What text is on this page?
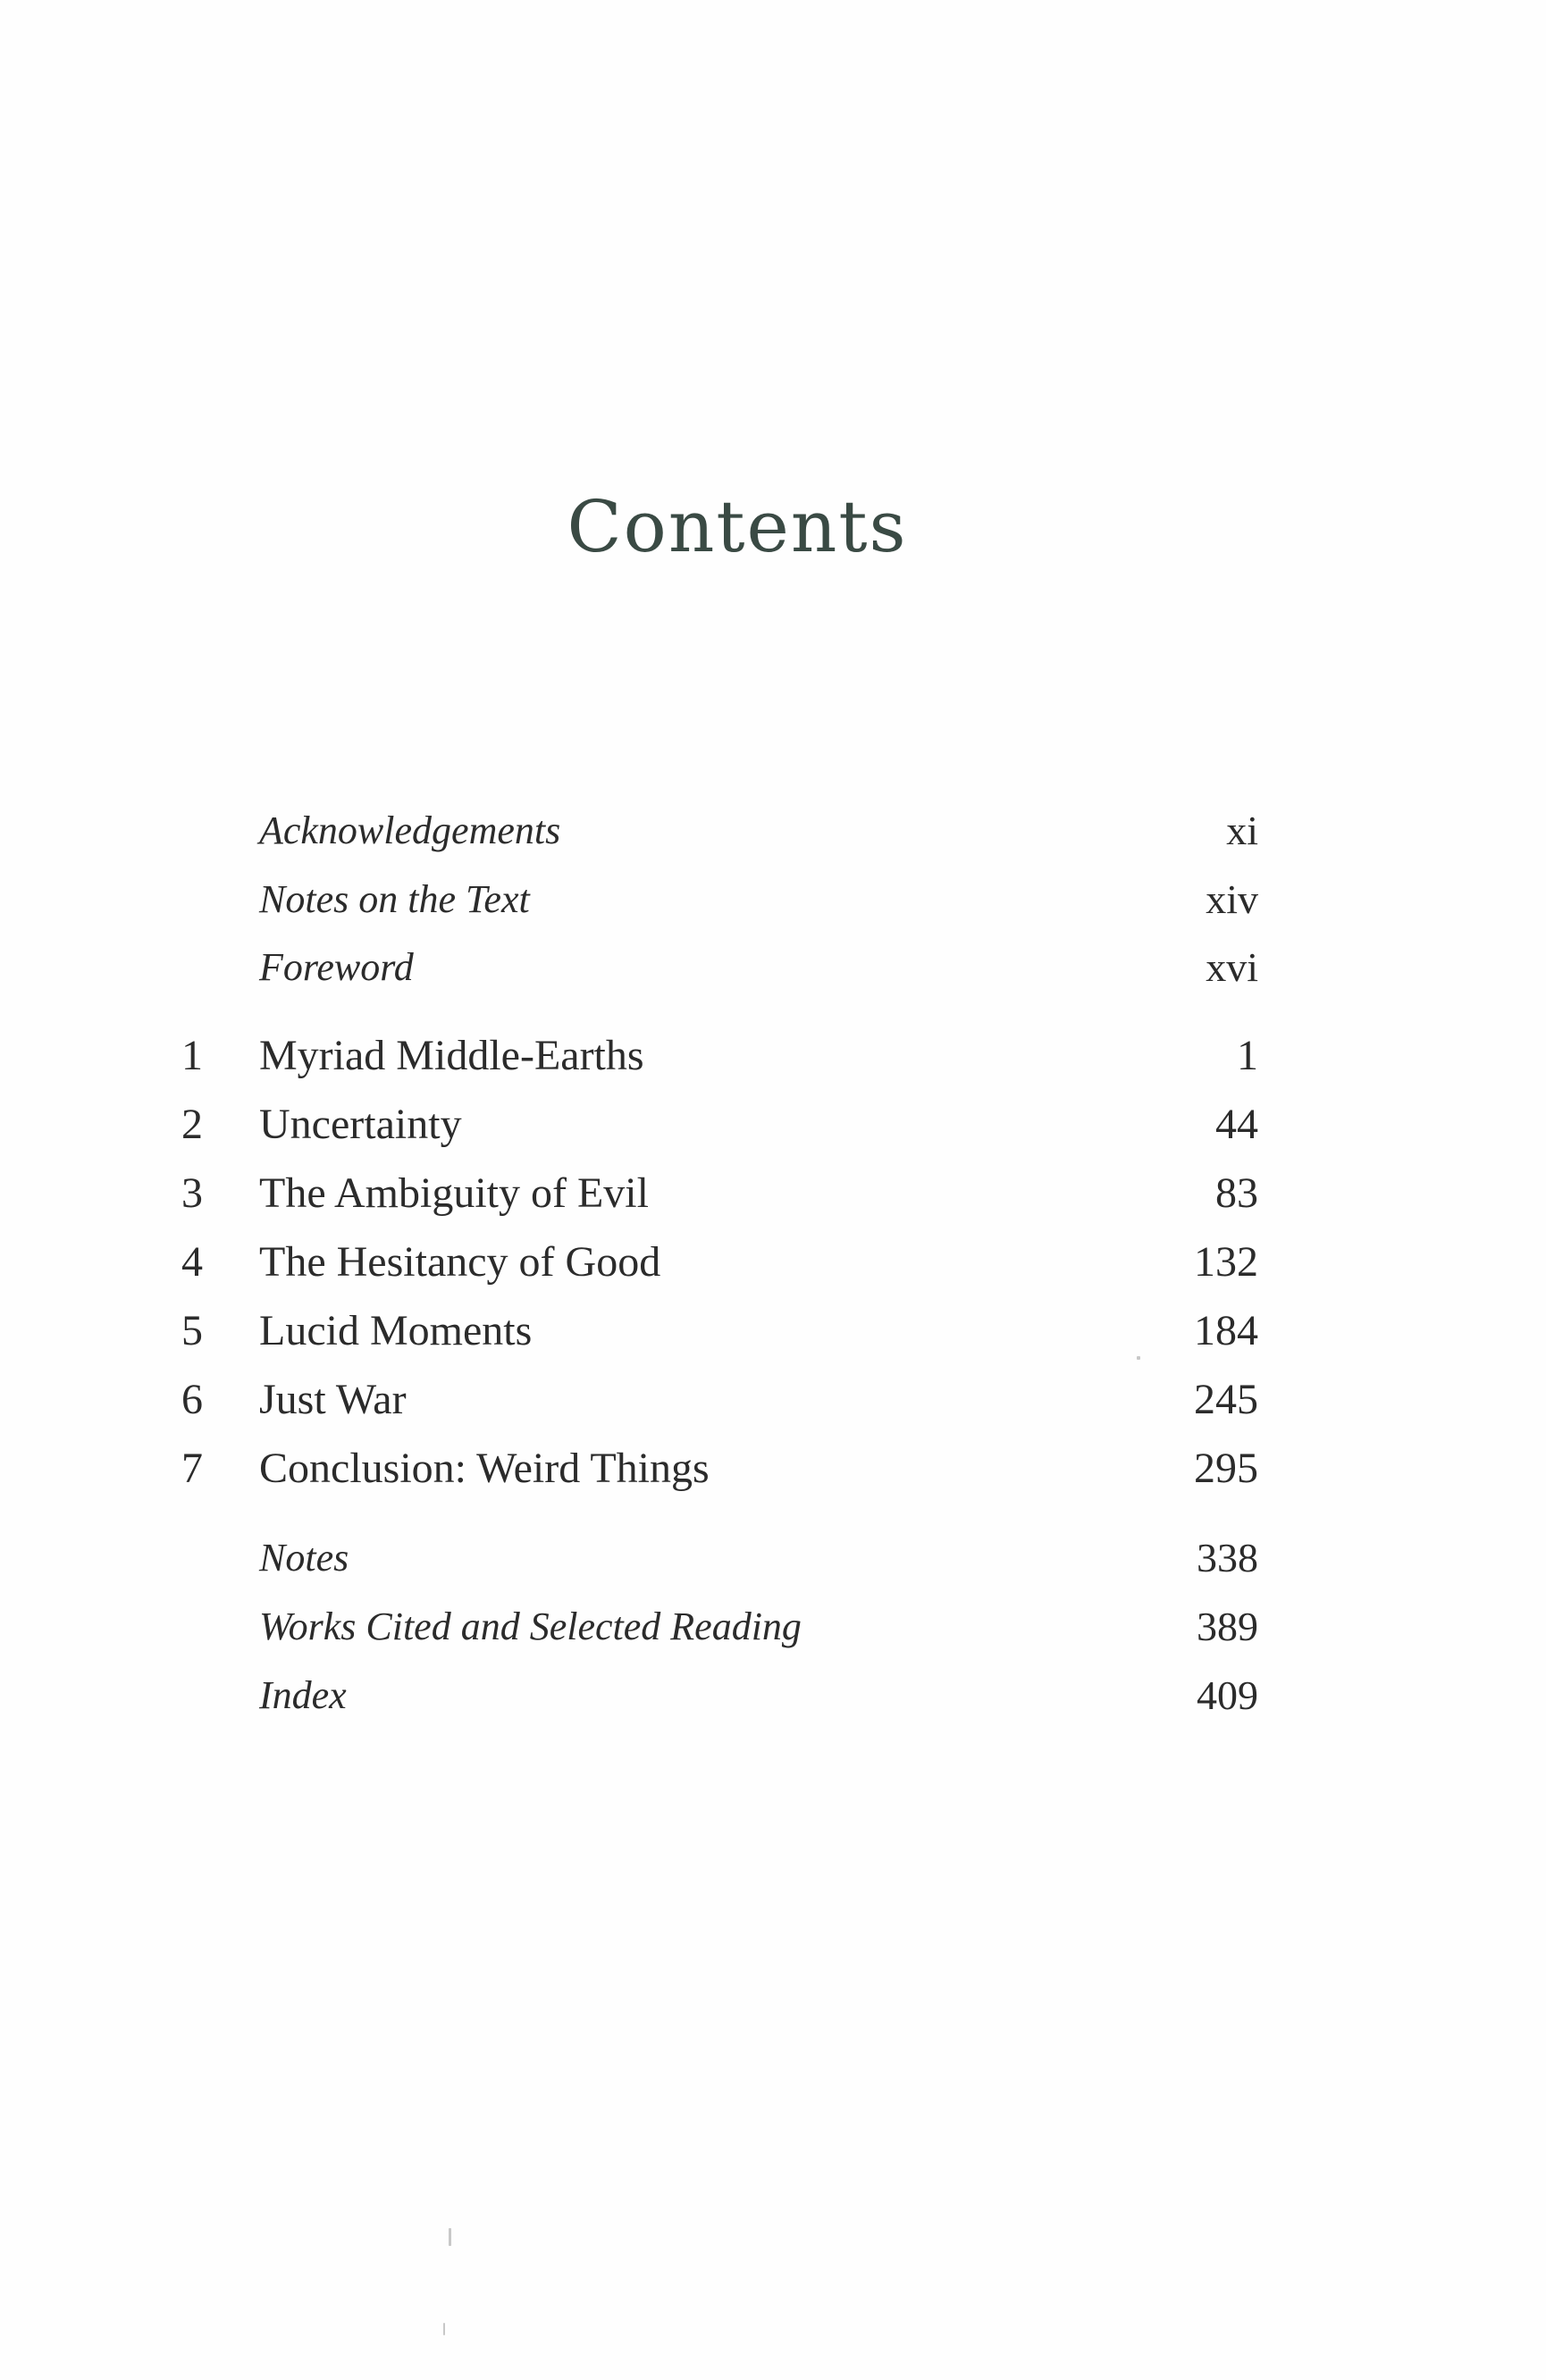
Contents
Acknowledgements	xi
Notes on the Text	xiv
Foreword	xvi
1 Myriad Middle-Earths	1
2 Uncertainty	44
3 The Ambiguity of Evil	83
4 The Hesitancy of Good	132
5 Lucid Moments	184
6 Just War	245
7 Conclusion: Weird Things	295
Notes	338
Works Cited and Selected Reading	389
Index	409
